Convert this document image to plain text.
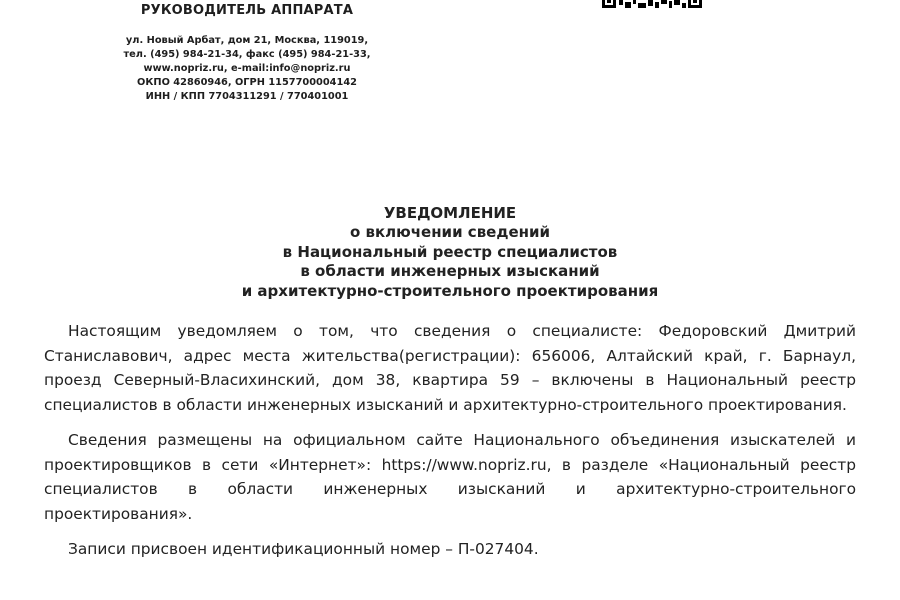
РУКОВОДИТЕЛЬ АППАРАТА
ул. Новый Арбат, дом 21, Москва, 119019,
тел. (495) 984-21-34, факс (495) 984-21-33,
www.nopriz.ru, e-mail:info@nopriz.ru
ОКПО 42860946, ОГРН 1157700004142
ИНН / КПП 7704311291 / 770401001
УВЕДОМЛЕНИЕ
о включении сведений
в Национальный реестр специалистов
в области инженерных изысканий
и архитектурно-строительного проектирования

Настоящим уведомляем о том, что сведения о специалисте: Федоровский Дмитрий Станиславович, адрес места жительства(регистрации): 656006, Алтайский край, г. Барнаул, проезд Северный-Власихинский, дом 38, квартира 59 – включены в Национальный реестр специалистов в области инженерных изысканий и архитектурно-строительного проектирования.

Сведения размещены на официальном сайте Национального объединения изыскателей и проектировщиков в сети «Интернет»: https://www.nopriz.ru, в разделе «Национальный реестр специалистов в области инженерных изысканий и архитектурно-строительного проектирования».

Записи присвоен идентификационный номер – П-027404.
